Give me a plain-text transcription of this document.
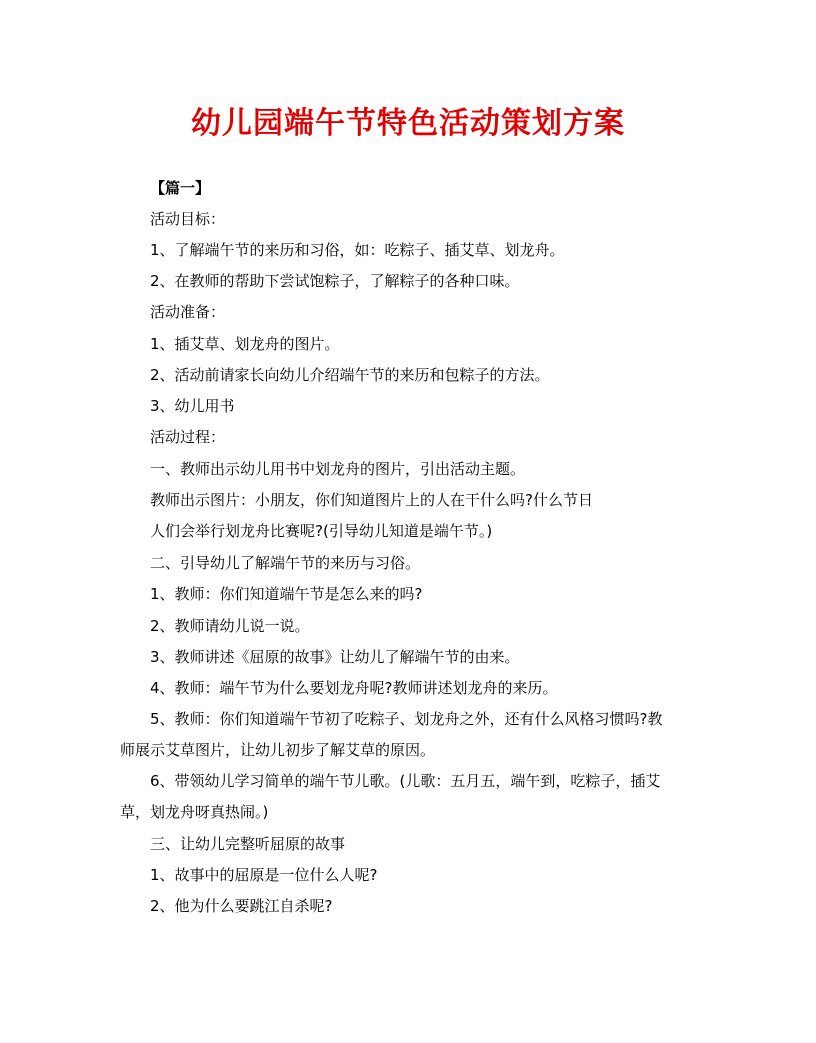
幼儿园端午节特色活动策划方案
【篇一】
活动目标：
1、了解端午节的来历和习俗，如：吃粽子、插艾草、划龙舟。
2、在教师的帮助下尝试饱粽子，了解粽子的各种口味。
活动准备：
1、插艾草、划龙舟的图片。
2、活动前请家长向幼儿介绍端午节的来历和包粽子的方法。
3、幼儿用书
活动过程：
一、教师出示幼儿用书中划龙舟的图片，引出活动主题。
教师出示图片：小朋友，你们知道图片上的人在干什么吗?什么节日
人们会举行划龙舟比赛呢?(引导幼儿知道是端午节。)
二、引导幼儿了解端午节的来历与习俗。
1、教师：你们知道端午节是怎么来的吗?
2、教师请幼儿说一说。
3、教师讲述《屈原的故事》让幼儿了解端午节的由来。
4、教师：端午节为什么要划龙舟呢?教师讲述划龙舟的来历。
5、教师：你们知道端午节初了吃粽子、划龙舟之外，还有什么风格习惯吗?教
师展示艾草图片，让幼儿初步了解艾草的原因。
6、带领幼儿学习简单的端午节儿歌。(儿歌：五月五，端午到，吃粽子，插艾
草，划龙舟呀真热闹。)
三、让幼儿完整听屈原的故事
1、故事中的屈原是一位什么人呢?
2、他为什么要跳江自杀呢?
